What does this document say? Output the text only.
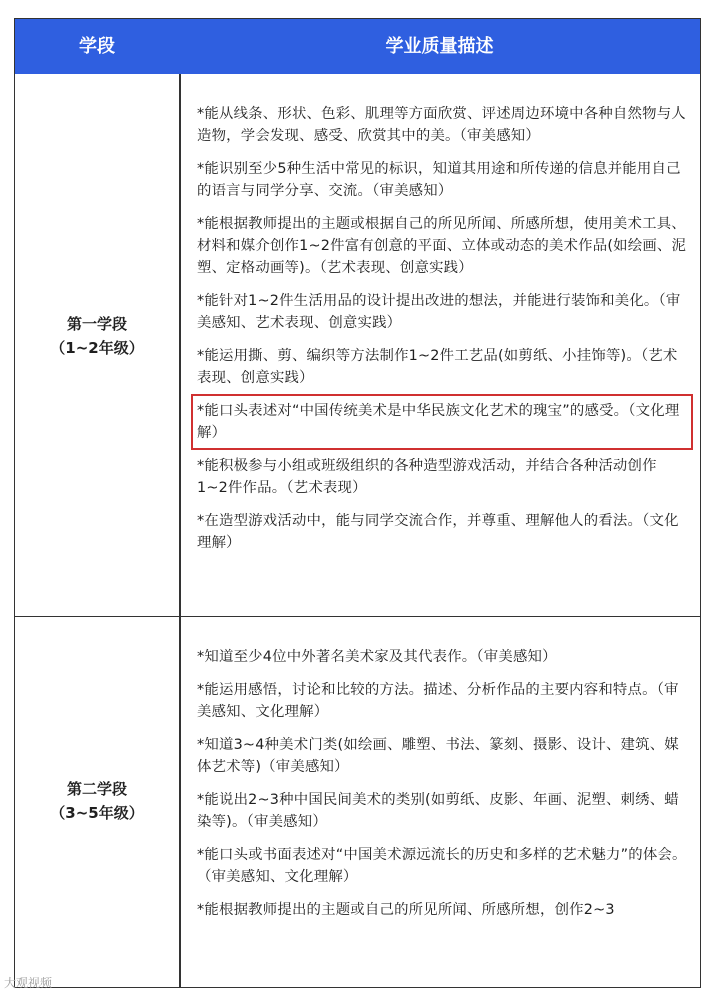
学段	学业质量描述
第一学段
（1~2年级）

*能从线条、形状、色彩、肌理等方面欣赏、评述周边环境中各种自然物与人造物，学会发现、感受、欣赏其中的美。（审美感知）

*能识别至少5种生活中常见的标识，知道其用途和所传递的信息并能用自己的语言与同学分享、交流。（审美感知）

*能根据教师提出的主题或根据自己的所见所闻、所感所想，使用美术工具、材料和媒介创作1~2件富有创意的平面、立体或动态的美术作品(如绘画、泥塑、定格动画等)。（艺术表现、创意实践）

*能针对1~2件生活用品的设计提出改进的想法，并能进行装饰和美化。（审美感知、艺术表现、创意实践）

*能运用撕、剪、编织等方法制作1~2件工艺品(如剪纸、小挂饰等)。（艺术表现、创意实践）

*能口头表述对“中国传统美术是中华民族文化艺术的瑰宝”的感受。（文化理解）

*能积极参与小组或班级组织的各种造型游戏活动，并结合各种活动创作1~2件作品。（艺术表现）

*在造型游戏活动中，能与同学交流合作，并尊重、理解他人的看法。（文化理解）

第二学段
（3~5年级）

*知道至少4位中外著名美术家及其代表作。（审美感知）

*能运用感悟，讨论和比较的方法。描述、分析作品的主要内容和特点。（审美感知、文化理解）

*知道3~4种美术门类(如绘画、雕塑、书法、篆刻、摄影、设计、建筑、媒体艺术等)（审美感知）

*能说出2~3种中国民间美术的类别(如剪纸、皮影、年画、泥塑、刺绣、蜡染等)。（审美感知）

*能口头或书面表述对“中国美术源远流长的历史和多样的艺术魅力”的体会。（审美感知、文化理解）

*能根据教师提出的主题或自己的所见所闻、所感所想，创作2~3

大观视频
